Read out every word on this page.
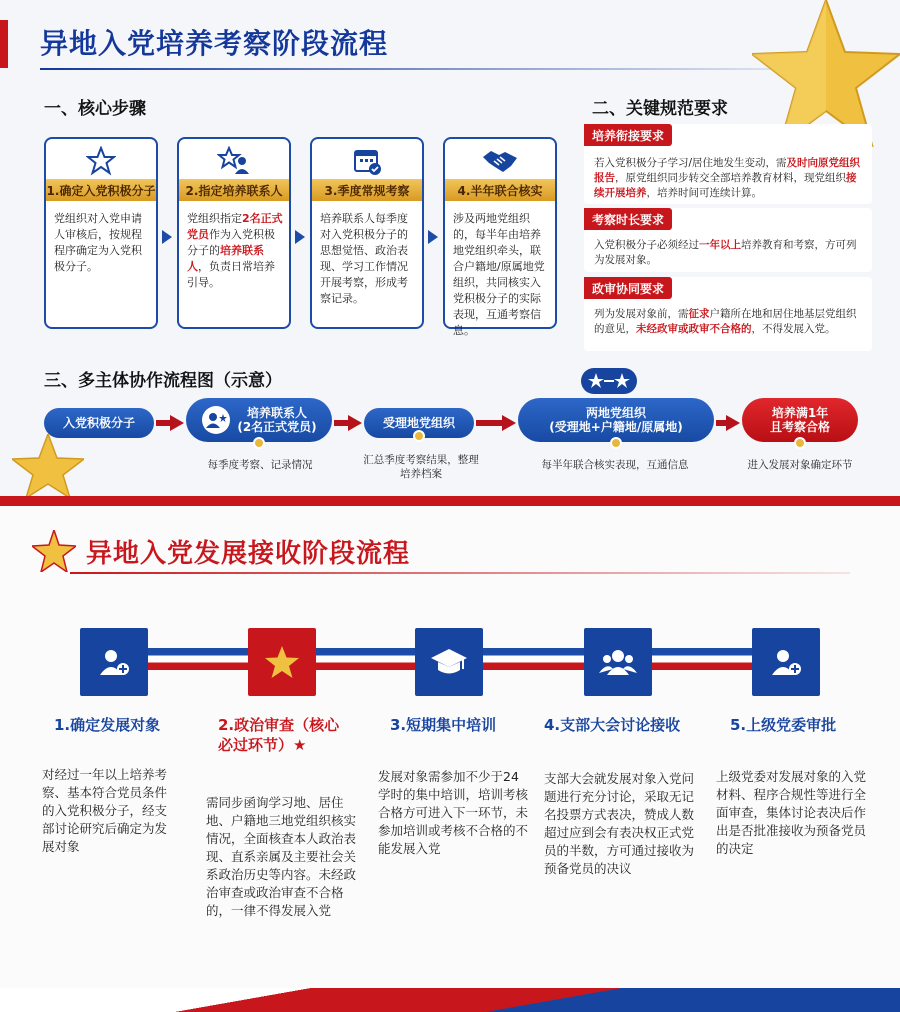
异地入党培养考察阶段流程
一、核心步骤
1.确定入党积极分子
党组织对入党申请人审核后，按规程程序确定为入党积极分子。
2.指定培养联系人
党组织指定2名正式党员作为入党积极分子的培养联系人，负责日常培养引导。
3.季度常规考察
培养联系人每季度对入党积极分子的思想觉悟、政治表现、学习工作情况开展考察，形成考察记录。
4.半年联合核实
涉及两地党组织的，每半年由培养地党组织牵头，联合户籍地/原属地党组织，共同核实入党积极分子的实际表现，互通考察信息。
二、关键规范要求
培养衔接要求
若入党积极分子学习/居住地发生变动，需及时向原党组织报告，原党组织同步转交全部培养教育材料，现党组织接续开展培养，培养时间可连续计算。
考察时长要求
入党积极分子必须经过一年以上培养教育和考察，方可列为发展对象。
政审协同要求
列为发展对象前，需征求户籍所在地和居住地基层党组织的意见，未经政审或政审不合格的，不得发展入党。
三、多主体协作流程图（示意）
入党积极分子
培养联系人
(2名正式党员)	受理地党组织
两地党组织
(受理地+户籍地/原属地)
培养满1年
且考察合格
每季度考察、记录情况	汇总季度考察结果，整理培养档案
每半年联合核实表现，互通信息	进入发展对象确定环节
异地入党发展接收阶段流程
1.确定发展对象	2.政治审查（核心必过环节）★
3.短期集中培训	4.支部大会讨论接收	5.上级党委审批
对经过一年以上培养考察、基本符合党员条件的入党积极分子，经支部讨论研究后确定为发展对象
需同步函询学习地、居住地、户籍地三地党组织核实情况，全面核查本人政治表现、直系亲属及主要社会关系政治历史等内容。未经政治审查或政治审查不合格的，一律不得发展入党
发展对象需参加不少于24学时的集中培训，培训考核合格方可进入下一环节，未参加培训或考核不合格的不能发展入党
支部大会就发展对象入党问题进行充分讨论，采取无记名投票方式表决，赞成人数超过应到会有表决权正式党员的半数，方可通过接收为预备党员的决议
上级党委对发展对象的入党材料、程序合规性等进行全面审查，集体讨论表决后作出是否批准接收为预备党员的决定
